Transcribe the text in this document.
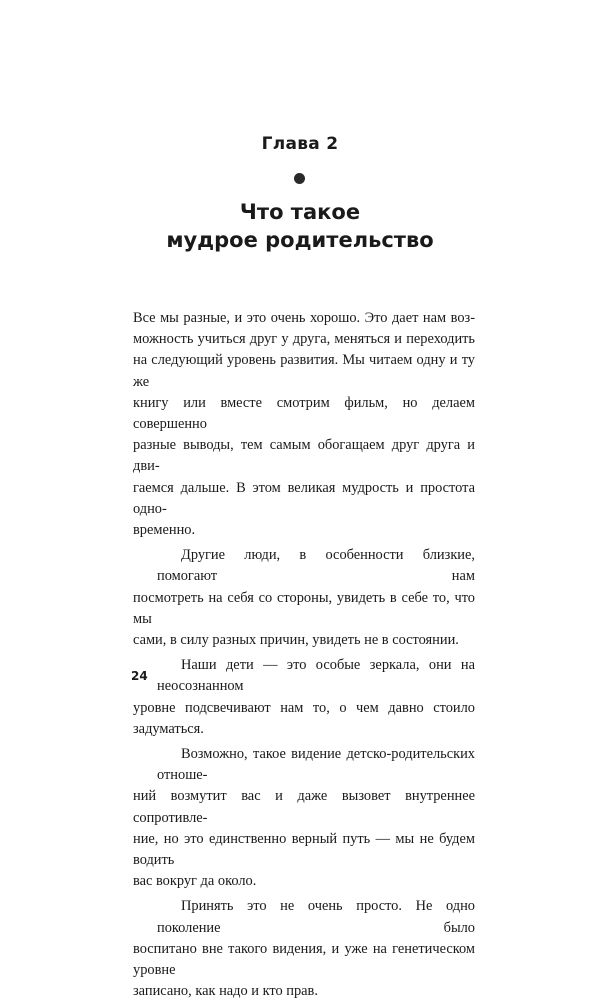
Глава 2
Что такое
мудрое родительство

Все мы разные, и это очень хорошо. Это дает нам воз-
можность учиться друг у друга, меняться и переходить
на следующий уровень развития. Мы читаем одну и ту же
книгу или вместе смотрим фильм, но делаем совершенно
разные выводы, тем самым обогащаем друг друга и дви-
гаемся дальше. В этом великая мудрость и простота одно-
временно.

Другие люди, в особенности близкие, помогают нам
посмотреть на себя со стороны, увидеть в себе то, что мы
сами, в силу разных причин, увидеть не в состоянии.

Наши дети — это особые зеркала, они на неосознанном
уровне подсвечивают нам то, о чем давно стоило задуматься.

Возможно, такое видение детско-родительских отноше-
ний возмутит вас и даже вызовет внутреннее сопротивле-
ние, но это единственно верный путь — мы не будем водить
вас вокруг да около.

Принять это не очень просто. Не одно поколение было
воспитано вне такого видения, и уже на генетическом уровне
записано, как надо и кто прав.

24
